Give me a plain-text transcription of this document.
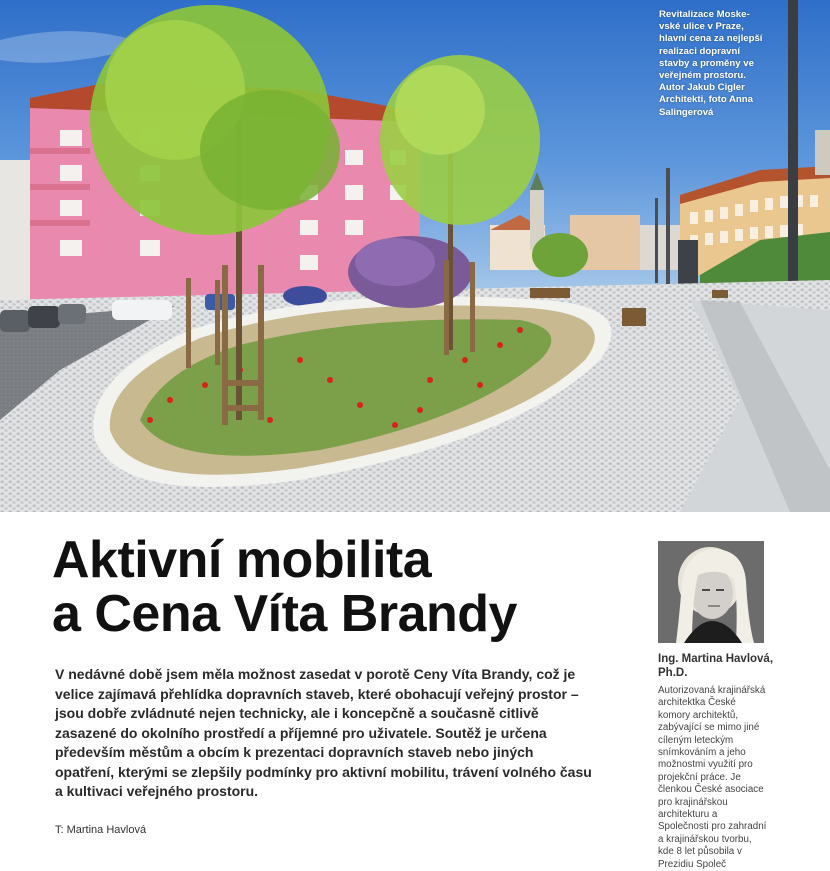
Revitalizace Moske-
vské ulice v Praze,
hlavní cena za nejlepší
realizaci dopravní
stavby a proměny ve
veřejném prostoru.
Autor Jakub Cigler
Architekti, foto Anna
Salingerová
Aktivní mobilita
a Cena Víta Brandy

V nedávné době jsem měla možnost zasedat v porotě Ceny Víta Brandy, což je velice zajímavá přehlídka dopravních staveb, které obohacují veřejný prostor – jsou dobře zvládnuté nejen technicky, ale i koncepčně a současně citlivě zasazené do okolního prostředí a příjemné pro uživatele. Soutěž je určena především městům a obcím k prezentaci dopravních staveb nebo jiných opatření, kterými se zlepšily podmínky pro aktivní mobilitu, trávení volného času a kultivaci veřejného prostoru.

T: Martina Havlová

Ing. Martina Havlová, Ph.D.

Autorizovaná krajinářská architektka České komory architektů, zabývající se mimo jiné cíleným leteckým snímkováním a jeho možnostmi využití pro projekční práce. Je členkou České asociace pro krajinářskou architekturu a Společnosti pro zahradní a krajinářskou tvorbu, kde 8 let působila v Prezidiu Společ
